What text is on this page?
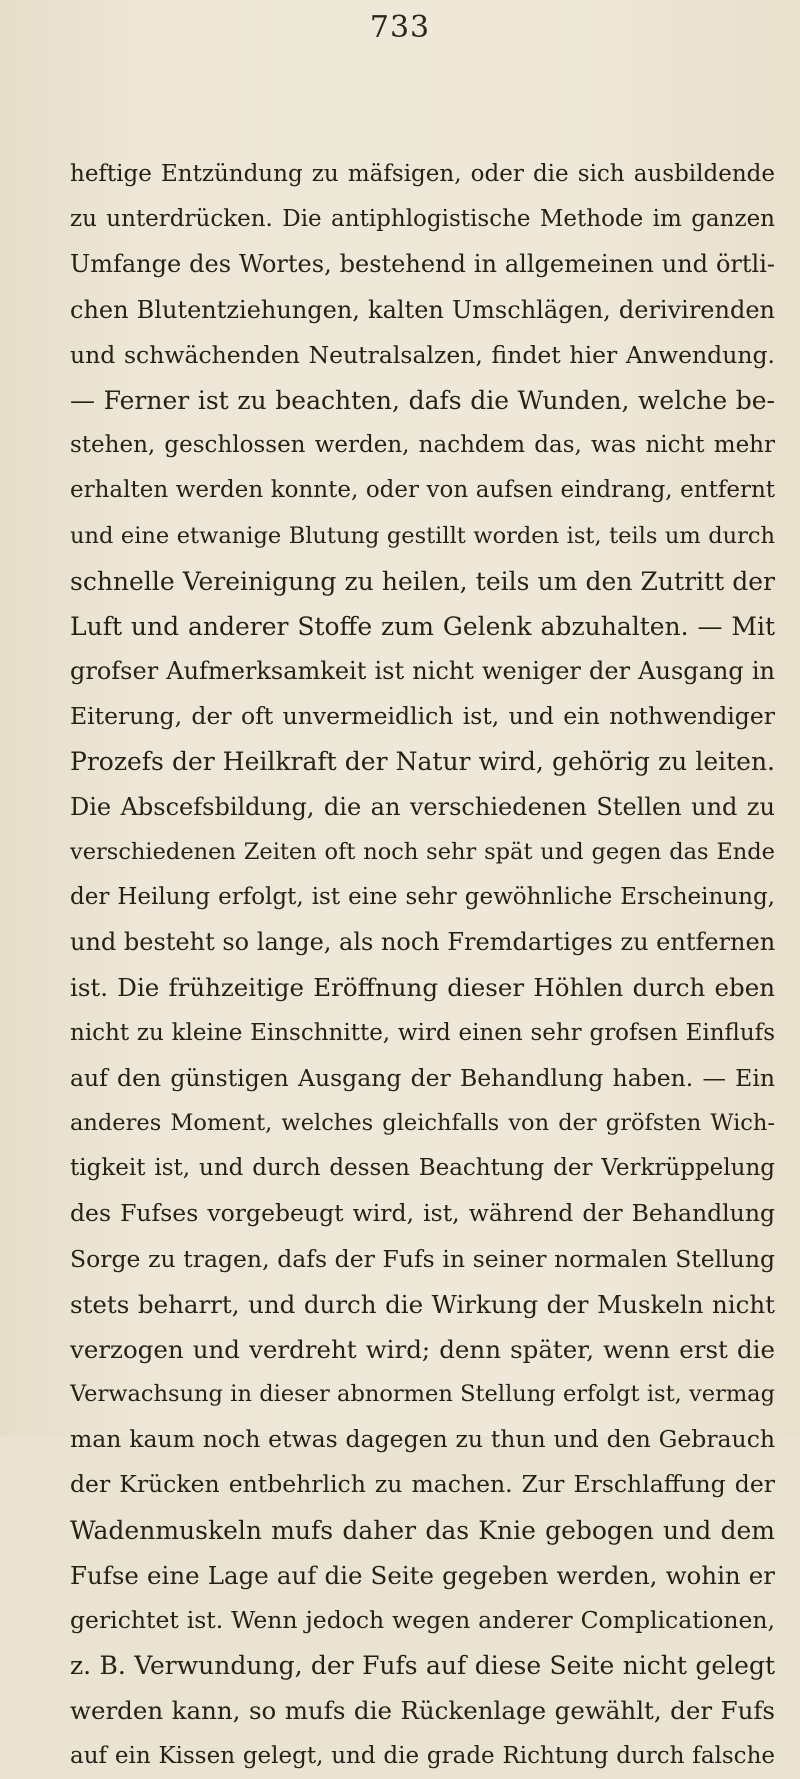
733
heftige Entzündung zu mäfsigen, oder die sich ausbildende
zu unterdrücken. Die antiphlogistische Methode im ganzen
Umfange des Wortes, bestehend in allgemeinen und örtli-
chen Blutentziehungen, kalten Umschlägen, derivirenden
und schwächenden Neutralsalzen, findet hier Anwendung.
— Ferner ist zu beachten, dafs die Wunden, welche be-
stehen, geschlossen werden, nachdem das, was nicht mehr
erhalten werden konnte, oder von aufsen eindrang, entfernt
und eine etwanige Blutung gestillt worden ist, teils um durch
schnelle Vereinigung zu heilen, teils um den Zutritt der
Luft und anderer Stoffe zum Gelenk abzuhalten. — Mit
grofser Aufmerksamkeit ist nicht weniger der Ausgang in
Eiterung, der oft unvermeidlich ist, und ein nothwendiger
Prozefs der Heilkraft der Natur wird, gehörig zu leiten.
Die Abscefsbildung, die an verschiedenen Stellen und zu
verschiedenen Zeiten oft noch sehr spät und gegen das Ende
der Heilung erfolgt, ist eine sehr gewöhnliche Erscheinung,
und besteht so lange, als noch Fremdartiges zu entfernen
ist. Die frühzeitige Eröffnung dieser Höhlen durch eben
nicht zu kleine Einschnitte, wird einen sehr grofsen Einflufs
auf den günstigen Ausgang der Behandlung haben. — Ein
anderes Moment, welches gleichfalls von der gröfsten Wich-
tigkeit ist, und durch dessen Beachtung der Verkrüppelung
des Fufses vorgebeugt wird, ist, während der Behandlung
Sorge zu tragen, dafs der Fufs in seiner normalen Stellung
stets beharrt, und durch die Wirkung der Muskeln nicht
verzogen und verdreht wird; denn später, wenn erst die
Verwachsung in dieser abnormen Stellung erfolgt ist, vermag
man kaum noch etwas dagegen zu thun und den Gebrauch
der Krücken entbehrlich zu machen. Zur Erschlaffung der
Wadenmuskeln mufs daher das Knie gebogen und dem
Fufse eine Lage auf die Seite gegeben werden, wohin er
gerichtet ist. Wenn jedoch wegen anderer Complicationen,
z. B. Verwundung, der Fufs auf diese Seite nicht gelegt
werden kann, so mufs die Rückenlage gewählt, der Fufs
auf ein Kissen gelegt, und die grade Richtung durch falsche
